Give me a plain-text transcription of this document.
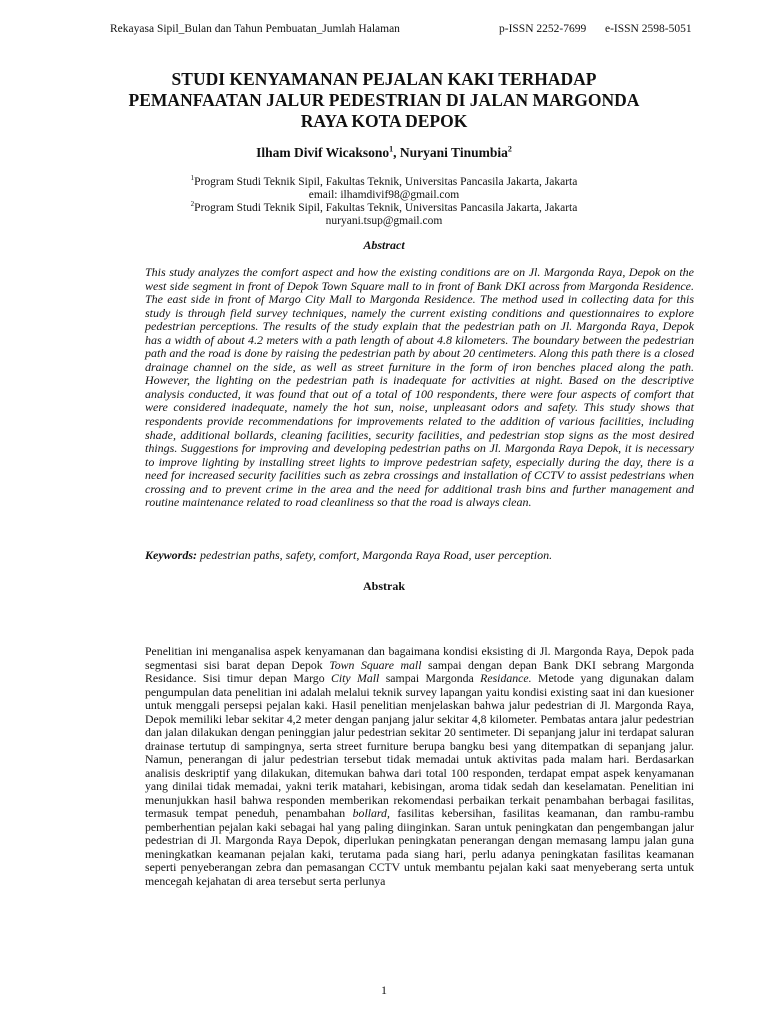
Rekayasa Sipil_Bulan dan Tahun Pembuatan_Jumlah Halaman	p-ISSN 2252-7699 e-ISSN 2598-5051
STUDI KENYAMANAN PEJALAN KAKI TERHADAP
PEMANFAATAN JALUR PEDESTRIAN DI JALAN MARGONDA
RAYA KOTA DEPOK
Ilham Divif Wicaksono$^1$, Nuryani Tinumbia$^2$
$^1$Program Studi Teknik Sipil, Fakultas Teknik, Universitas Pancasila Jakarta, Jakarta
email: ilhamdivif98@gmail.com
$^2$Program Studi Teknik Sipil, Fakultas Teknik, Universitas Pancasila Jakarta, Jakarta
nuryani.tsup@gmail.com
Abstract
This study analyzes the comfort aspect and how the existing conditions are on Jl. Margonda Raya, Depok on the west side segment in front of Depok Town Square mall to in front of Bank DKI across from Margonda Residence. The east side in front of Margo City Mall to Margonda Residence. The method used in collecting data for this study is through field survey techniques, namely the current existing conditions and questionnaires to explore pedestrian perceptions. The results of the study explain that the pedestrian path on Jl. Margonda Raya, Depok has a width of about 4.2 meters with a path length of about 4.8 kilometers. The boundary between the pedestrian path and the road is done by raising the pedestrian path by about 20 centimeters. Along this path there is a closed drainage channel on the side, as well as street furniture in the form of iron benches placed along the path. However, the lighting on the pedestrian path is inadequate for activities at night. Based on the descriptive analysis conducted, it was found that out of a total of 100 respondents, there were four aspects of comfort that were considered inadequate, namely the hot sun, noise, unpleasant odors and safety. This study shows that respondents provide recommendations for improvements related to the addition of various facilities, including shade, additional bollards, cleaning facilities, security facilities, and pedestrian stop signs as the most desired things. Suggestions for improving and developing pedestrian paths on Jl. Margonda Raya Depok, it is necessary to improve lighting by installing street lights to improve pedestrian safety, especially during the day, there is a need for increased security facilities such as zebra crossings and installation of CCTV to assist pedestrians when crossing and to prevent crime in the area and the need for additional trash bins and further management and routine maintenance related to road cleanliness so that the road is always clean.
Keywords: pedestrian paths, safety, comfort, Margonda Raya Road, user perception.
Abstrak
Penelitian ini menganalisa aspek kenyamanan dan bagaimana kondisi eksisting di Jl. Margonda Raya, Depok pada segmentasi sisi barat depan Depok Town Square mall sampai dengan depan Bank DKI sebrang Margonda Residance. Sisi timur depan Margo City Mall sampai Margonda Residance. Metode yang digunakan dalam pengumpulan data penelitian ini adalah melalui teknik survey lapangan yaitu kondisi existing saat ini dan kuesioner untuk menggali persepsi pejalan kaki. Hasil penelitian menjelaskan bahwa jalur pedestrian di Jl. Margonda Raya, Depok memiliki lebar sekitar 4,2 meter dengan panjang jalur sekitar 4,8 kilometer. Pembatas antara jalur pedestrian dan jalan dilakukan dengan peninggian jalur pedestrian sekitar 20 sentimeter. Di sepanjang jalur ini terdapat saluran drainase tertutup di sampingnya, serta street furniture berupa bangku besi yang ditempatkan di sepanjang jalur. Namun, penerangan di jalur pedestrian tersebut tidak memadai untuk aktivitas pada malam hari. Berdasarkan analisis deskriptif yang dilakukan, ditemukan bahwa dari total 100 responden, terdapat empat aspek kenyamanan yang dinilai tidak memadai, yakni terik matahari, kebisingan, aroma tidak sedah dan keselamatan. Penelitian ini menunjukkan hasil bahwa responden memberikan rekomendasi perbaikan terkait penambahan berbagai fasilitas, termasuk tempat peneduh, penambahan bollard, fasilitas kebersihan, fasilitas keamanan, dan rambu-rambu pemberhentian pejalan kaki sebagai hal yang paling diinginkan. Saran untuk peningkatan dan pengembangan jalur pedestrian di Jl. Margonda Raya Depok, diperlukan peningkatan penerangan dengan memasang lampu jalan guna meningkatkan keamanan pejalan kaki, terutama pada siang hari, perlu adanya peningkatan fasilitas keamanan seperti penyeberangan zebra dan pemasangan CCTV untuk membantu pejalan kaki saat menyeberang serta untuk mencegah kejahatan di area tersebut serta perlunya
1
